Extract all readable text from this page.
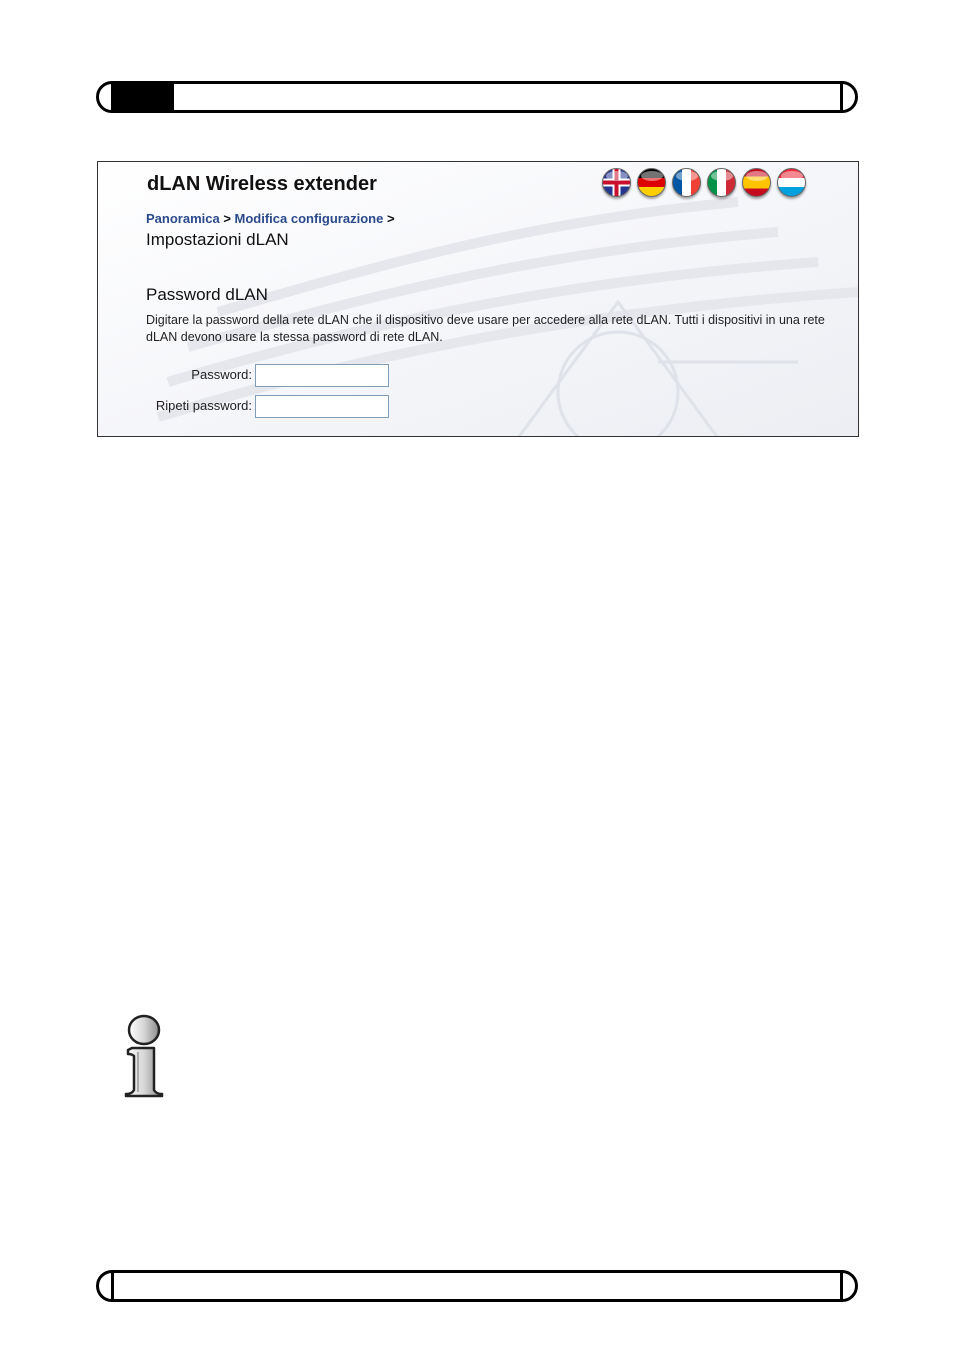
dLAN Wireless extender
Panoramica > Modifica configurazione >
Impostazioni dLAN
Password dLAN
Digitare la password della rete dLAN che il dispositivo deve usare per accedere alla rete dLAN. Tutti i dispositivi in una rete dLAN devono usare la stessa password di rete dLAN.
Password:
Ripeti password:
